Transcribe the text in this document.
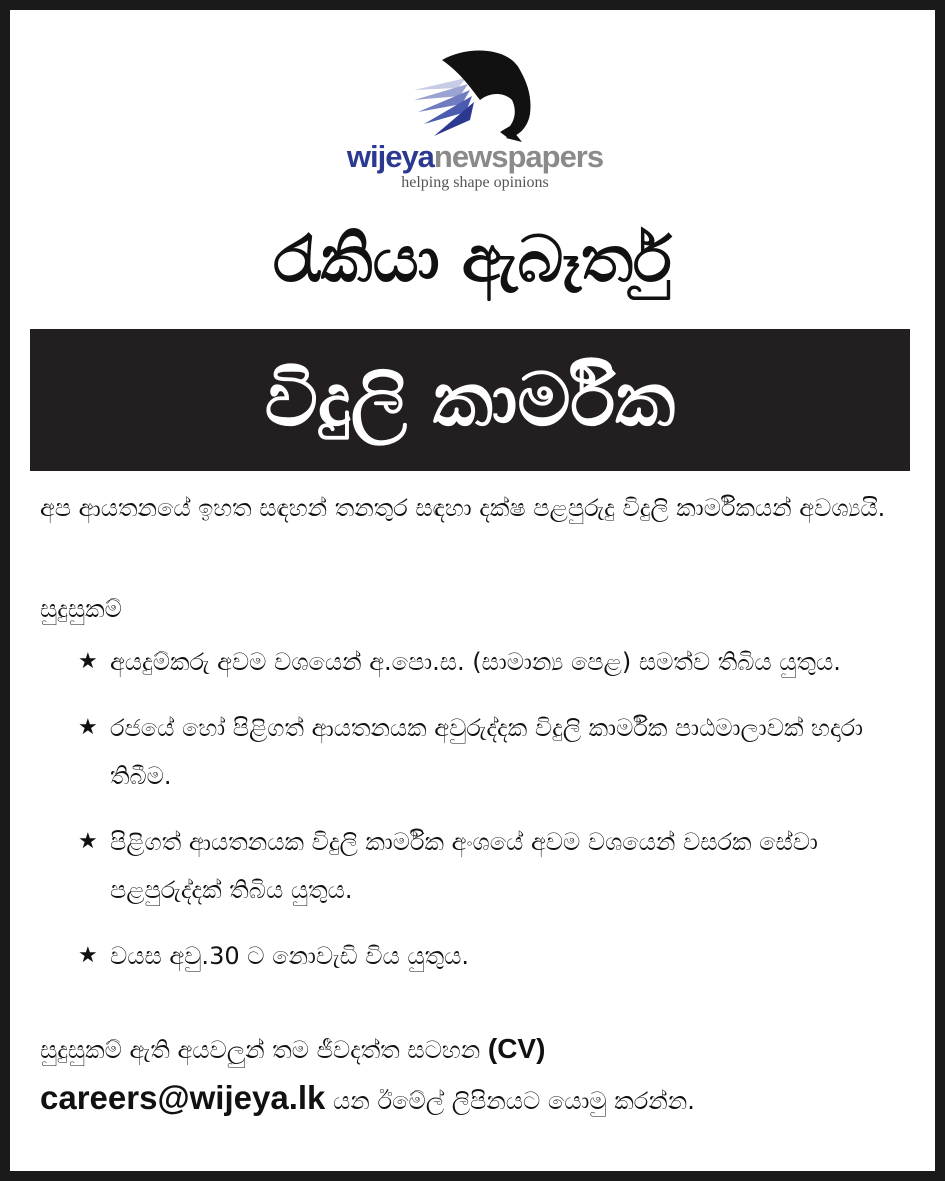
wijeyanewspapers
helping shape opinions
රැකියා ඇබෑර්තු
විදුලි කාර්මික
අප ආයතනයේ ඉහත සඳහන් තනතුර සඳහා දක්ෂ පළපුරුදු විදුලි කාර්මිකයන් අවශ්‍යයි.
සුදුසුකම්
★ අයදුම්කරු අවම වශයෙන් අ.පො.ස. (සාමාන්‍ය පෙළ) සමත්ව තිබිය යුතුය.
★ රජයේ හෝ පිළිගත් ආයතනයක අවුරුද්දක විදුලි කාර්මික පාඨමාලාවක් හදාරා තිබීම.
★ පිළිගත් ආයතනයක විදුලි කාර්මික අංශයේ අවම වශයෙන් වසරක සේවා පළපුරුද්දක් තිබිය යුතුය.
★ වයස අවු.30 ට නොවැඩි විය යුතුය.
සුදුසුකම් ඇති අයවලුන් තම ජීවදත්ත සටහන (CV)
careers@wijeya.lk යන ඊමේල් ලිපිනයට යොමු කරන්න.
